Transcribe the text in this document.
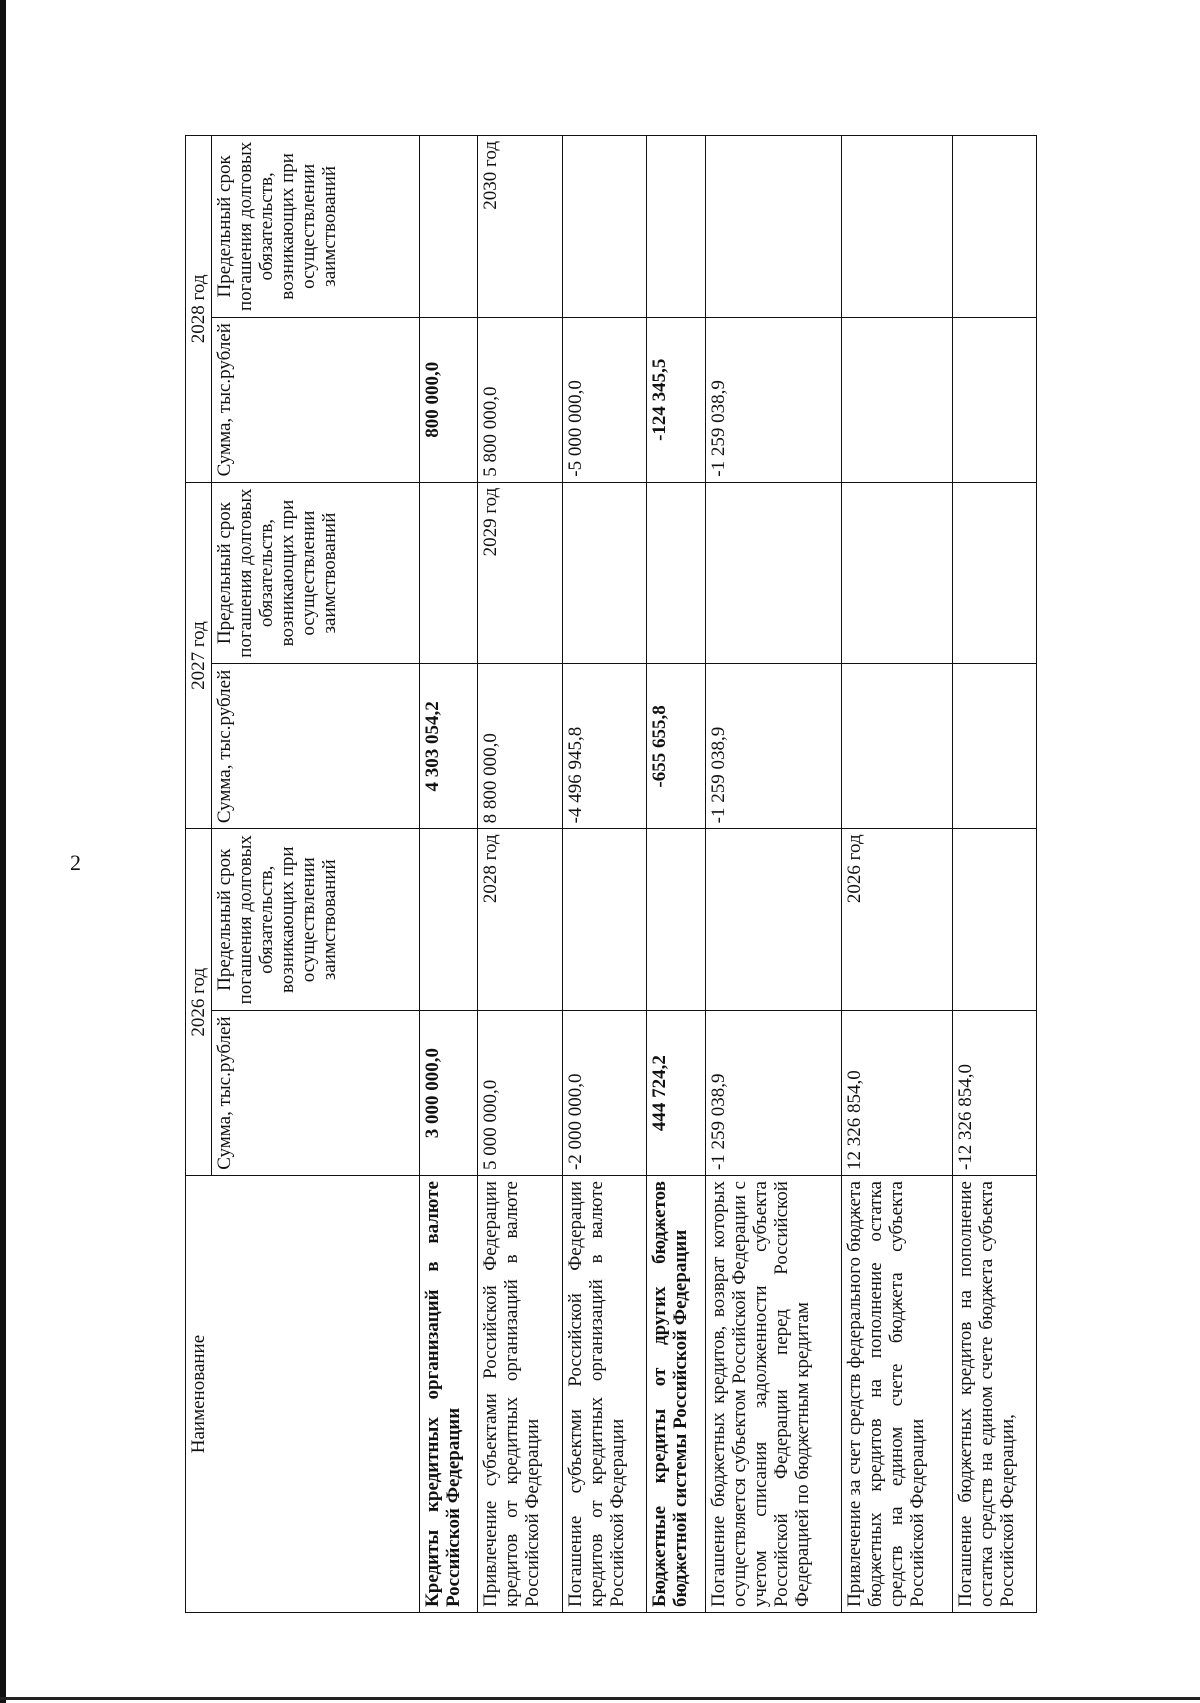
2
Наименование	2026 год		2027 год		2028 год	
	Сумма, тыс.рублей	Предельный срок погашения долговых обязательств, возникающих при осуществлении заимствований	Сумма, тыс.рублей	Предельный срок погашения долговых обязательств, возникающих при осуществлении заимствований	Сумма, тыс.рублей	Предельный срок погашения долговых обязательств, возникающих при осуществлении заимствований
Кредиты кредитных организаций в валюте Российской Федерации	3 000 000,0		4 303 054,2		800 000,0	
Привлечение субъектами Российской Федерации кредитов от кредитных организаций в валюте Российской Федерации	5 000 000,0	2028 год	8 800 000,0	2029 год	5 800 000,0	2030 год
Погашение субъектми Российской Федерации кредитов от кредитных организаций в валюте Российской Федерации	-2 000 000,0		-4 496 945,8		-5 000 000,0	
Бюджетные кредиты от других бюджетов бюджетной системы Российской Федерации	444 724,2		-655 655,8		-124 345,5	
Погашение бюджетных кредитов, возврат которых осуществляется субъектом Российской Федерации с учетом списания задолженности субъекта Российской Федерации перед Российской Федерацией по бюджетным кредитам	-1 259 038,9		-1 259 038,9		-1 259 038,9	
Привлечение за счет средств федерального бюджета бюджетных кредитов на пополнение остатка средств на едином счете бюджета субъекта Российской Федерации	12 326 854,0	2026 год				
Погашение бюджетных кредитов на пополнение остатка средств на едином счете бюджета субъекта Российской Федерации,	-12 326 854,0					
